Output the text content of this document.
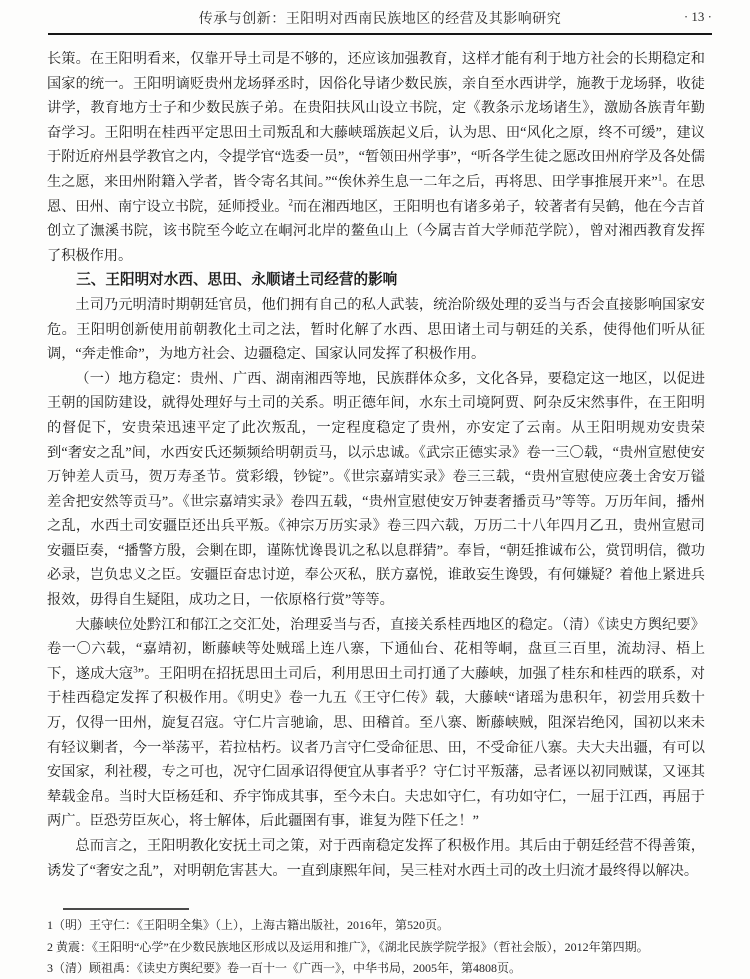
传承与创新：王阳明对西南民族地区的经营及其影响研究	· 13 ·

长策。在王阳明看来，仅靠开导土司是不够的，还应该加强教育，这样才能有利于地方社会的长期稳定和国家的统一。王阳明谪贬贵州龙场驿丞时，因俗化导诸少数民族，亲自至水西讲学，施教于龙场驿，收徒讲学，教育地方士子和少数民族子弟。在贵阳扶风山设立书院，定《教条示龙场诸生》，激励各族青年勤奋学习。王阳明在桂西平定思田土司叛乱和大藤峡瑶族起义后，认为思、田“风化之原，终不可缓”，建议于附近府州县学教官之内，令提学官“选委一员”，“暂领田州学事”，“听各学生徒之愿改田州府学及各处儒生之愿，来田州附籍入学者，皆令寄名其间。”“俟休养生息一二年之后，再将思、田学事推展开来”$^1$。在思恩、田州、南宁设立书院，延师授业。$^2$而在湘西地区，王阳明也有诸多弟子，较著者有吴鹤，他在今吉首创立了潕溪书院，该书院至今屹立在峒河北岸的鳌鱼山上（今属吉首大学师范学院），曾对湘西教育发挥了积极作用。

三、王阳明对水西、思田、永顺诸土司经营的影响

土司乃元明清时期朝廷官员，他们拥有自己的私人武装，统治阶级处理的妥当与否会直接影响国家安危。王阳明创新使用前朝教化土司之法，暂时化解了水西、思田诸土司与朝廷的关系，使得他们听从征调，“奔走惟命”，为地方社会、边疆稳定、国家认同发挥了积极作用。

（一）地方稳定：贵州、广西、湖南湘西等地，民族群体众多，文化各异，要稳定这一地区，以促进王朝的国防建设，就得处理好与土司的关系。明正德年间，水东土司境阿贾、阿杂反宋然事件，在王阳明的督促下，安贵荣迅速平定了此次叛乱，一定程度稳定了贵州，亦安定了云南。从王阳明规劝安贵荣到“奢安之乱”间，水西安氏还频频给明朝贡马，以示忠诚。《武宗正德实录》卷一三〇载，“贵州宣慰使安万钟差人贡马，贺万寿圣节。赏彩缎，钞锭”。《世宗嘉靖实录》卷三三载，“贵州宣慰使应袭土舍安万镒差舍把安然等贡马”。《世宗嘉靖实录》卷四五载，“贵州宣慰使安万钟妻奢播贡马”等等。万历年间，播州之乱，水西土司安疆臣还出兵平叛。《神宗万历实录》卷三四六载，万历二十八年四月乙丑，贵州宣慰司安疆臣奏，“播警方殷，会剿在即，谨陈忧谗畏讥之私以息群猜”。奉旨，“朝廷推诚布公，赏罚明信，微功必录，岂负忠义之臣。安疆臣奋忠讨逆，奉公灭私，朕方嘉悦，谁敢妄生谗毁，有何嫌疑？着他上紧进兵报效，毋得自生疑阻，成功之日，一依原格行赏”等等。

大藤峡位处黔江和郁江之交汇处，治理妥当与否，直接关系桂西地区的稳定。（清）《读史方舆纪要》卷一〇六载，“嘉靖初，断藤峡等处贼瑶上连八寨，下通仙台、花相等峒，盘亘三百里，流劫浔、梧上下，遂成大寇$^3$”。王阳明在招抚思田土司后，利用思田土司打通了大藤峡，加强了桂东和桂西的联系，对于桂西稳定发挥了积极作用。《明史》卷一九五《王守仁传》载，大藤峡“诸瑶为患积年，初尝用兵数十万，仅得一田州，旋复召寇。守仁片言驰谕，思、田稽首。至八寨、断藤峡贼，阻深岩绝冈，国初以来未有轻议剿者，今一举荡平，若拉枯朽。议者乃言守仁受命征思、田，不受命征八寨。夫大夫出疆，有可以安国家，利社稷，专之可也，况守仁固承诏得便宜从事者乎？守仁讨平叛藩，忌者诬以初同贼谋，又诬其辇载金帛。当时大臣杨廷和、乔宇饰成其事，至今未白。夫忠如守仁，有功如守仁，一屈于江西，再屈于两广。臣恐劳臣灰心，将士解体，后此疆圉有事，谁复为陛下任之！”

总而言之，王阳明教化安抚土司之策，对于西南稳定发挥了积极作用。其后由于朝廷经营不得善策，诱发了“奢安之乱”，对明朝危害甚大。一直到康熙年间，吴三桂对水西土司的改土归流才最终得以解决。

1（明）王守仁：《王阳明全集》（上），上海古籍出版社，2016年，第520页。
2 黄震：《王阳明“心学”在少数民族地区形成以及运用和推广》，《湖北民族学院学报》（哲社会版），2012年第四期。
3（清）顾祖禹：《读史方舆纪要》卷一百十一《广西一》，中华书局，2005年，第4808页。
